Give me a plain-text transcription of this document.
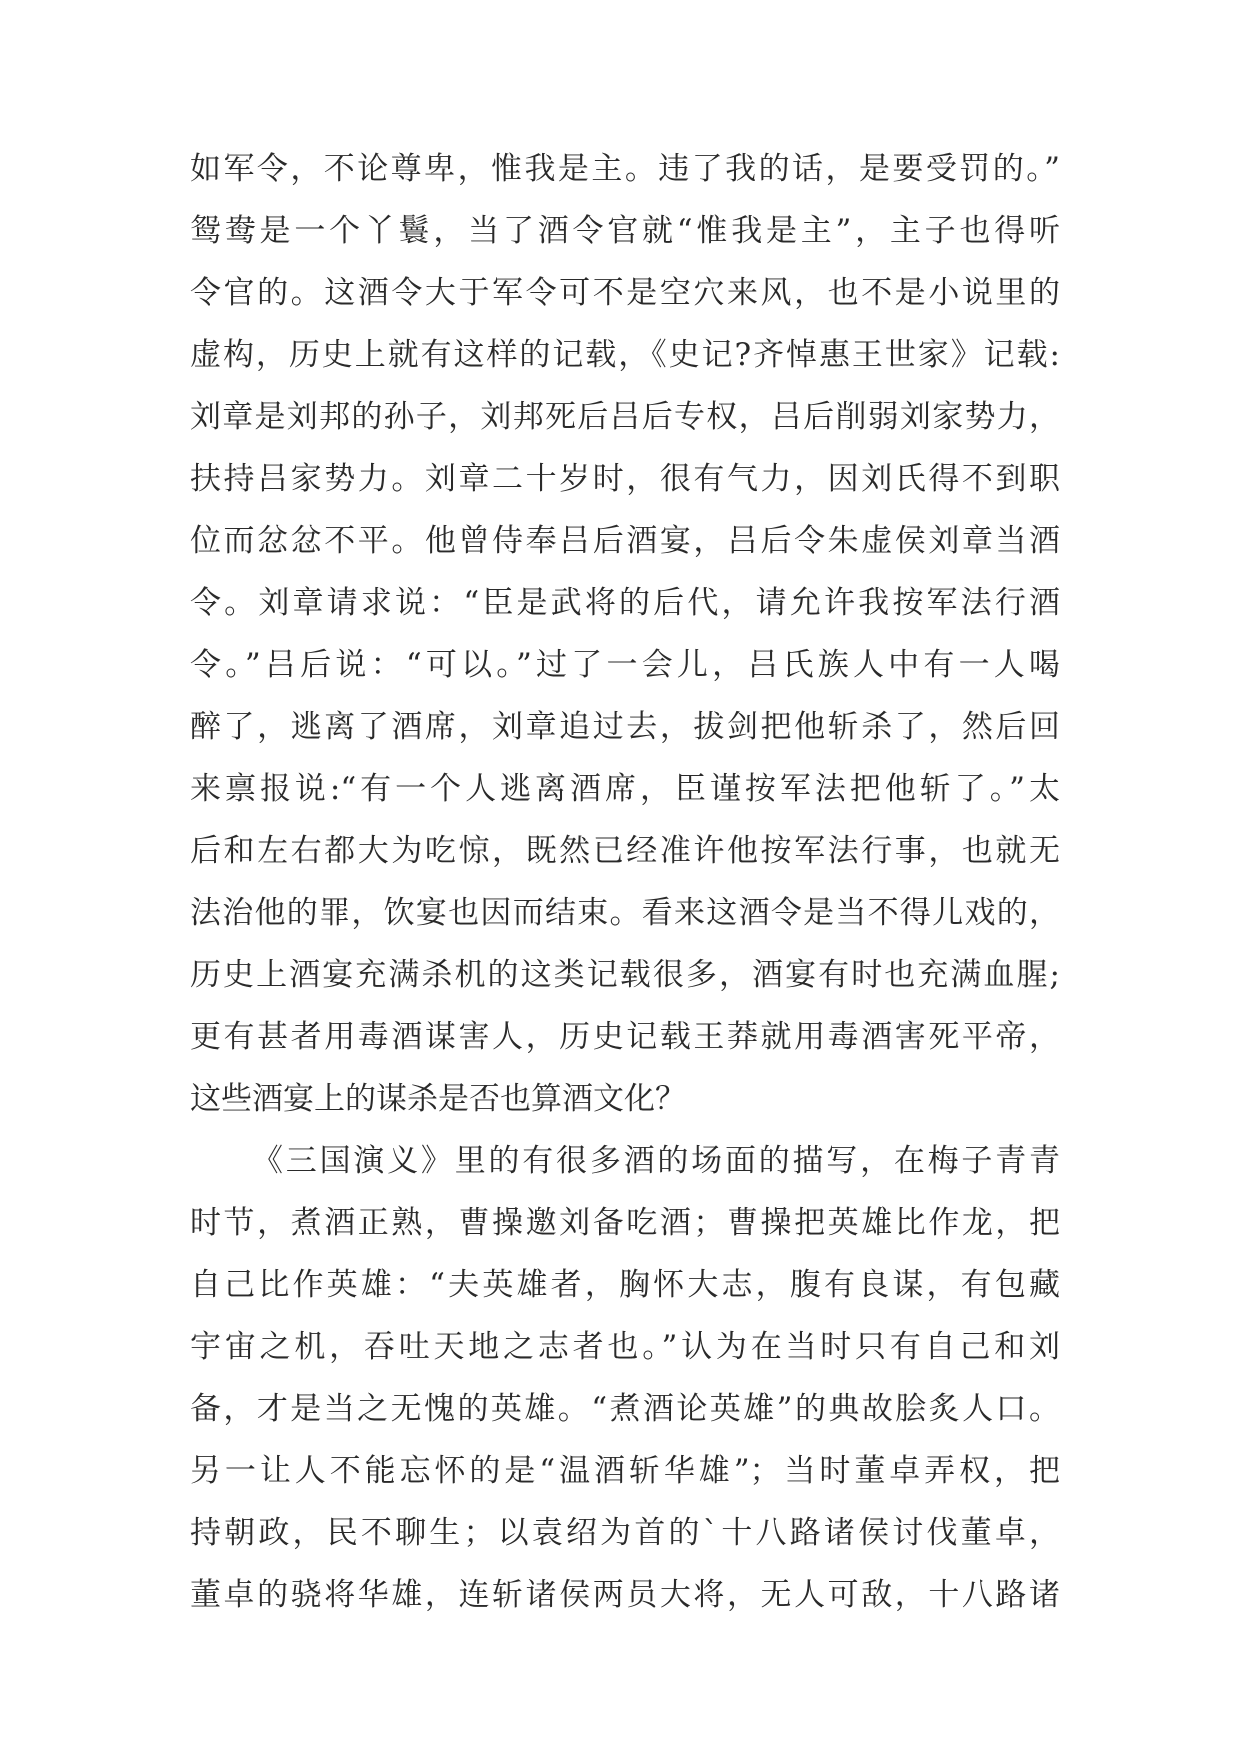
如军令，不论尊卑，惟我是主。违了我的话，是要受罚的。”
鸳鸯是一个丫鬟，当了酒令官就“惟我是主”，主子也得听
令官的。这酒令大于军令可不是空穴来风，也不是小说里的
虚构，历史上就有这样的记载，《史记?齐悼惠王世家》记载:
刘章是刘邦的孙子，刘邦死后吕后专权，吕后削弱刘家势力，
扶持吕家势力。刘章二十岁时，很有气力，因刘氏得不到职
位而忿忿不平。他曾侍奉吕后酒宴，吕后令朱虚侯刘章当酒
令。刘章请求说：“臣是武将的后代，请允许我按军法行酒
令。”吕后说：“可以。”过了一会儿，吕氏族人中有一人喝
醉了，逃离了酒席，刘章追过去，拔剑把他斩杀了，然后回
来禀报说:“有一个人逃离酒席，臣谨按军法把他斩了。”太
后和左右都大为吃惊，既然已经准许他按军法行事，也就无
法治他的罪，饮宴也因而结束。看来这酒令是当不得儿戏的，
历史上酒宴充满杀机的这类记载很多，酒宴有时也充满血腥;
更有甚者用毒酒谋害人，历史记载王莽就用毒酒害死平帝，
这些酒宴上的谋杀是否也算酒文化？
《三国演义》里的有很多酒的场面的描写，在梅子青青
时节，煮酒正熟，曹操邀刘备吃酒；曹操把英雄比作龙，把
自己比作英雄：“夫英雄者，胸怀大志，腹有良谋，有包藏
宇宙之机，吞吐天地之志者也。”认为在当时只有自己和刘
备，才是当之无愧的英雄。“煮酒论英雄”的典故脍炙人口。
另一让人不能忘怀的是“温酒斩华雄”；当时董卓弄权，把
持朝政，民不聊生；以袁绍为首的`十八路诸侯讨伐董卓，
董卓的骁将华雄，连斩诸侯两员大将，无人可敌，十八路诸
